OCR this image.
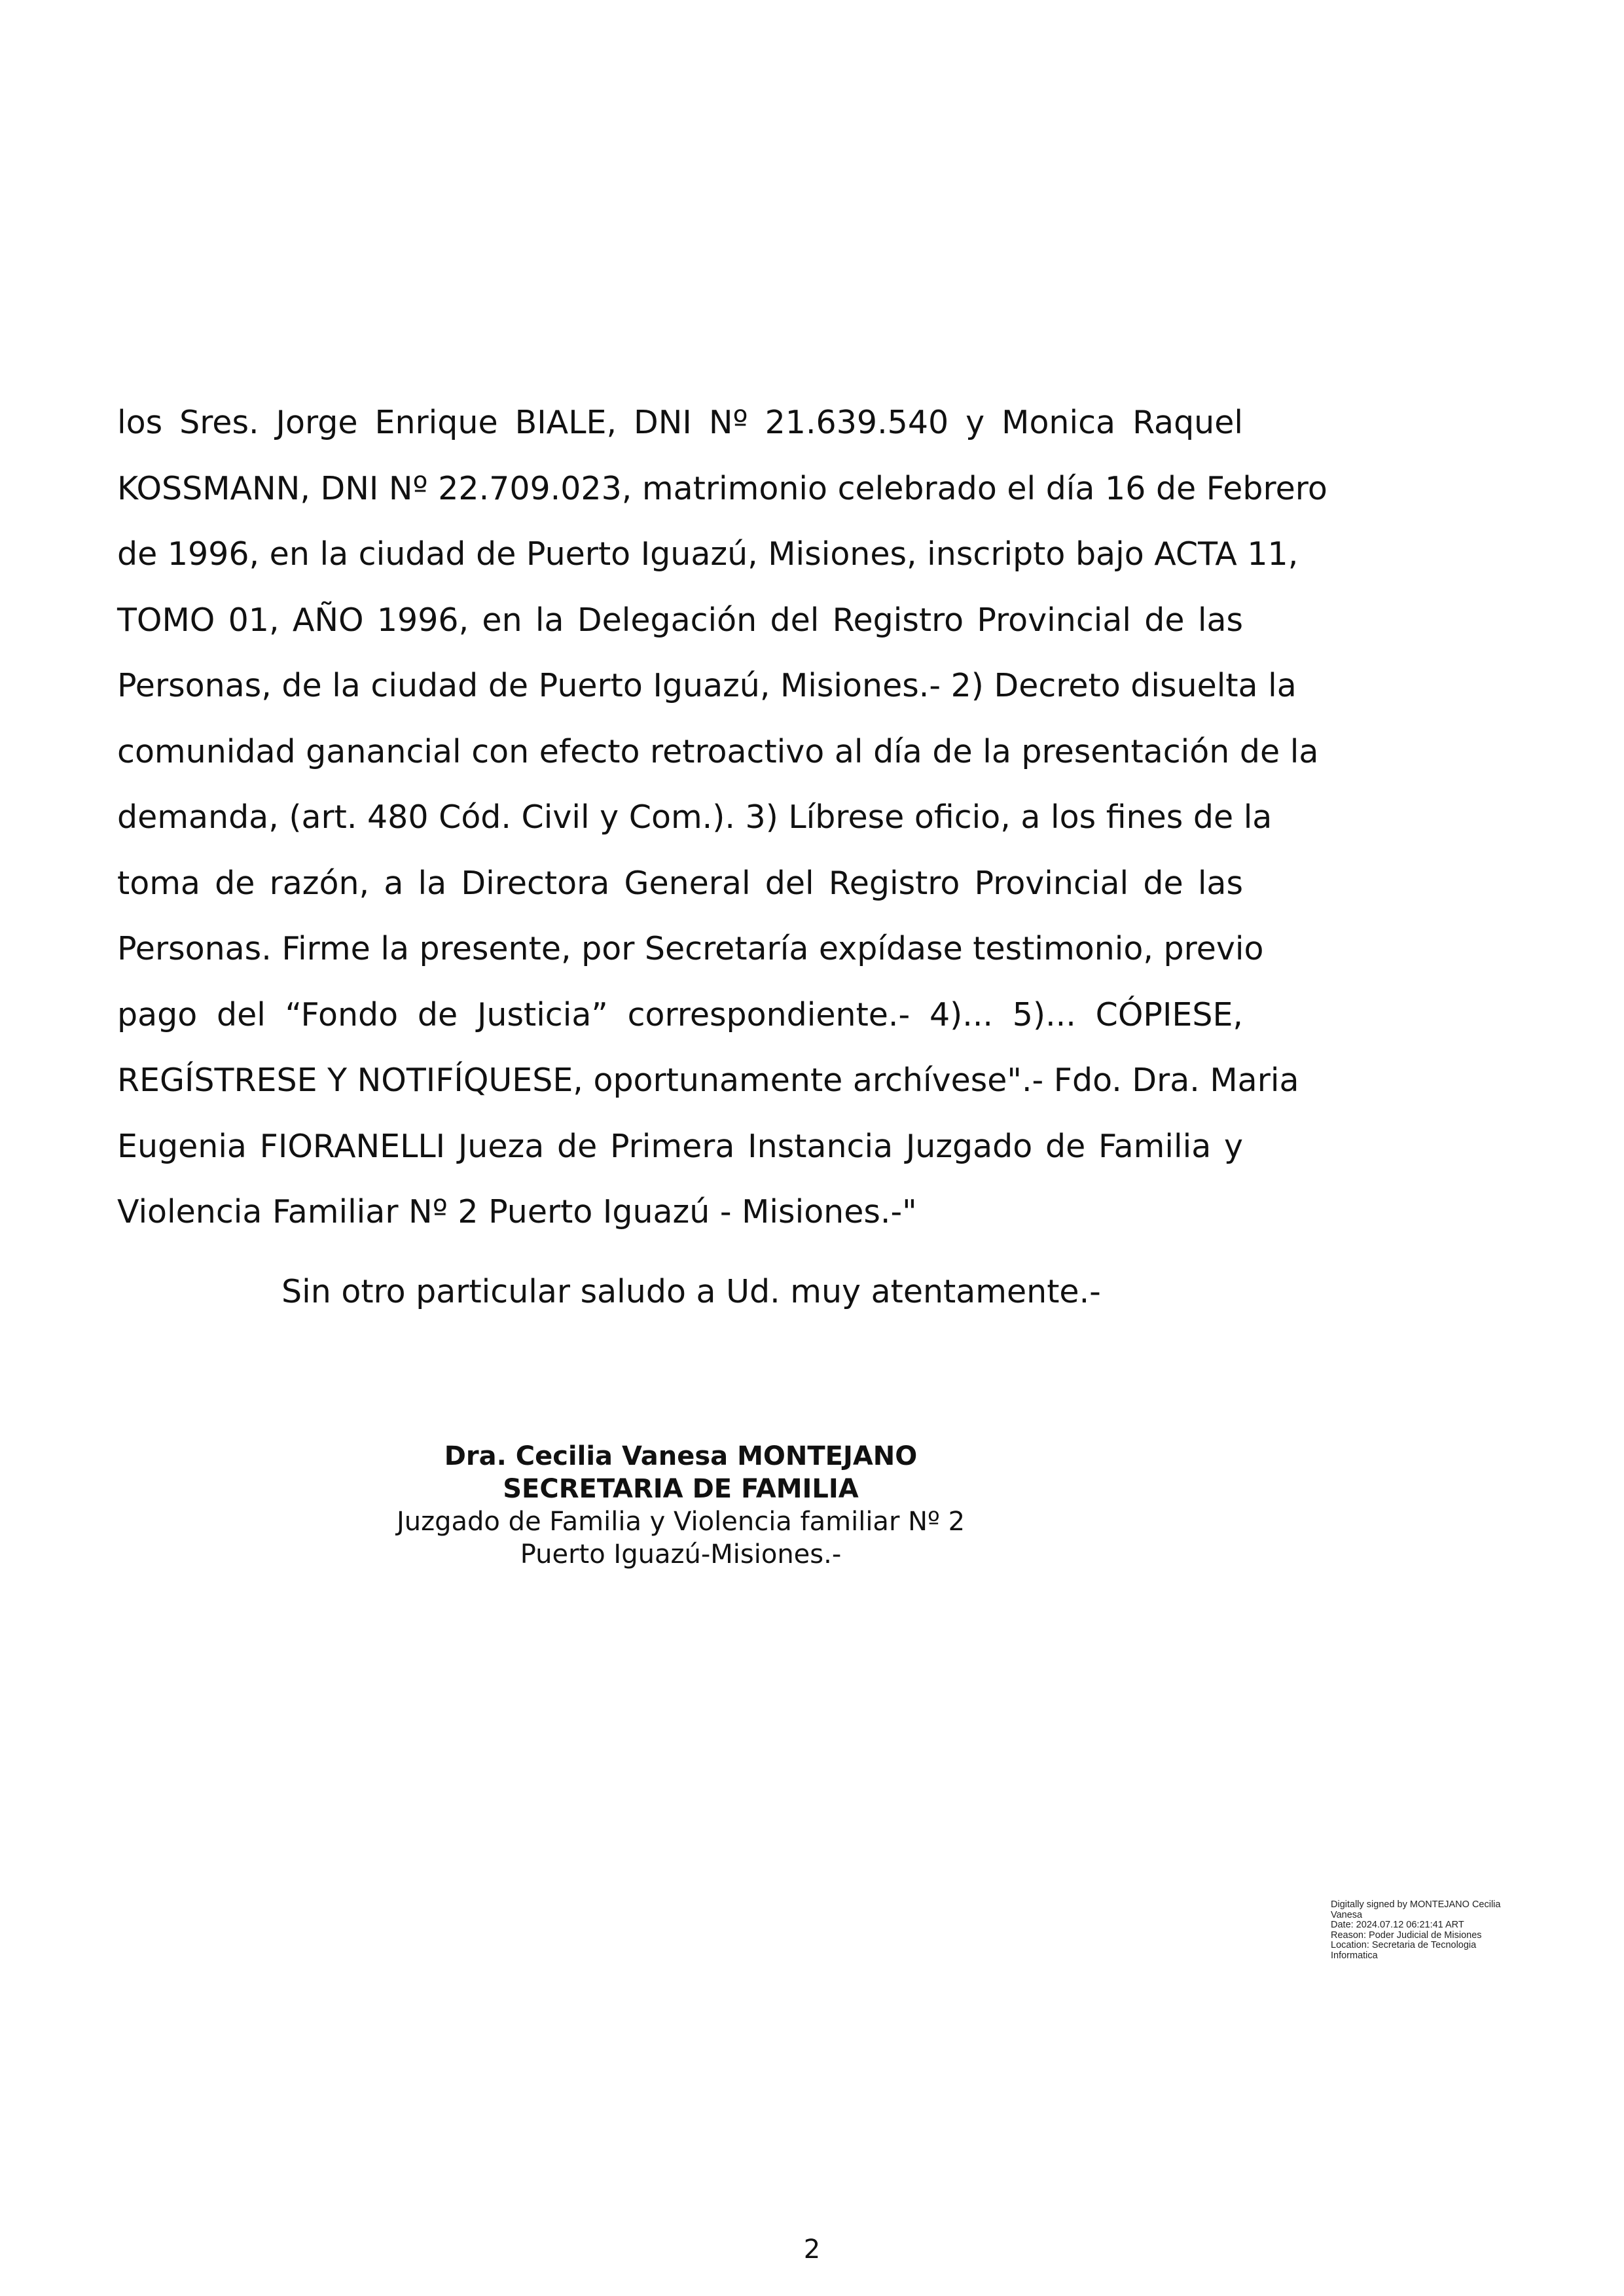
los Sres. Jorge Enrique BIALE, DNI Nº 21.639.540 y Monica Raquel
KOSSMANN, DNI Nº 22.709.023, matrimonio celebrado el día 16 de Febrero
de 1996, en la ciudad de Puerto Iguazú, Misiones, inscripto bajo ACTA 11,
TOMO 01, AÑO 1996, en la Delegación del Registro Provincial de las
Personas, de la ciudad de Puerto Iguazú, Misiones.- 2) Decreto disuelta la
comunidad ganancial con efecto retroactivo al día de la presentación de la
demanda, (art. 480 Cód. Civil y Com.). 3) Líbrese oficio, a los fines de la
toma de razón, a la Directora General del Registro Provincial de las
Personas. Firme la presente, por Secretaría expídase testimonio, previo
pago del “Fondo de Justicia” correspondiente.- 4)... 5)... CÓPIESE,
REGÍSTRESE Y NOTIFÍQUESE, oportunamente archívese".- Fdo. Dra. Maria
Eugenia FIORANELLI Jueza de Primera Instancia Juzgado de Familia y
Violencia Familiar Nº 2 Puerto Iguazú - Misiones.-"

Sin otro particular saludo a Ud. muy atentamente.-

Dra. Cecilia Vanesa MONTEJANO
SECRETARIA DE FAMILIA
Juzgado de Familia y Violencia familiar Nº 2
Puerto Iguazú-Misiones.-
Digitally signed by MONTEJANO Cecilia
Vanesa
Date: 2024.07.12 06:21:41 ART
Reason: Poder Judicial de Misiones
Location: Secretaria de Tecnologia
Informatica
2
